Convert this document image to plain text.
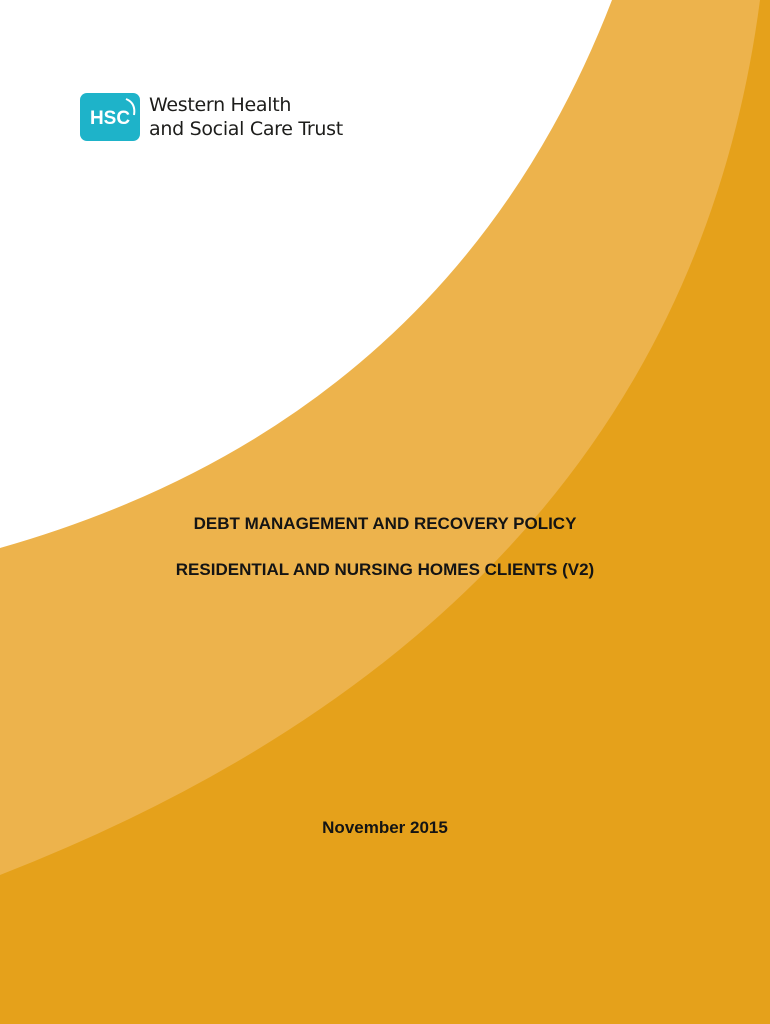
HSC
Western Health
and Social Care Trust

DEBT MANAGEMENT AND RECOVERY POLICY

RESIDENTIAL AND NURSING HOMES CLIENTS (V2)

November 2015
